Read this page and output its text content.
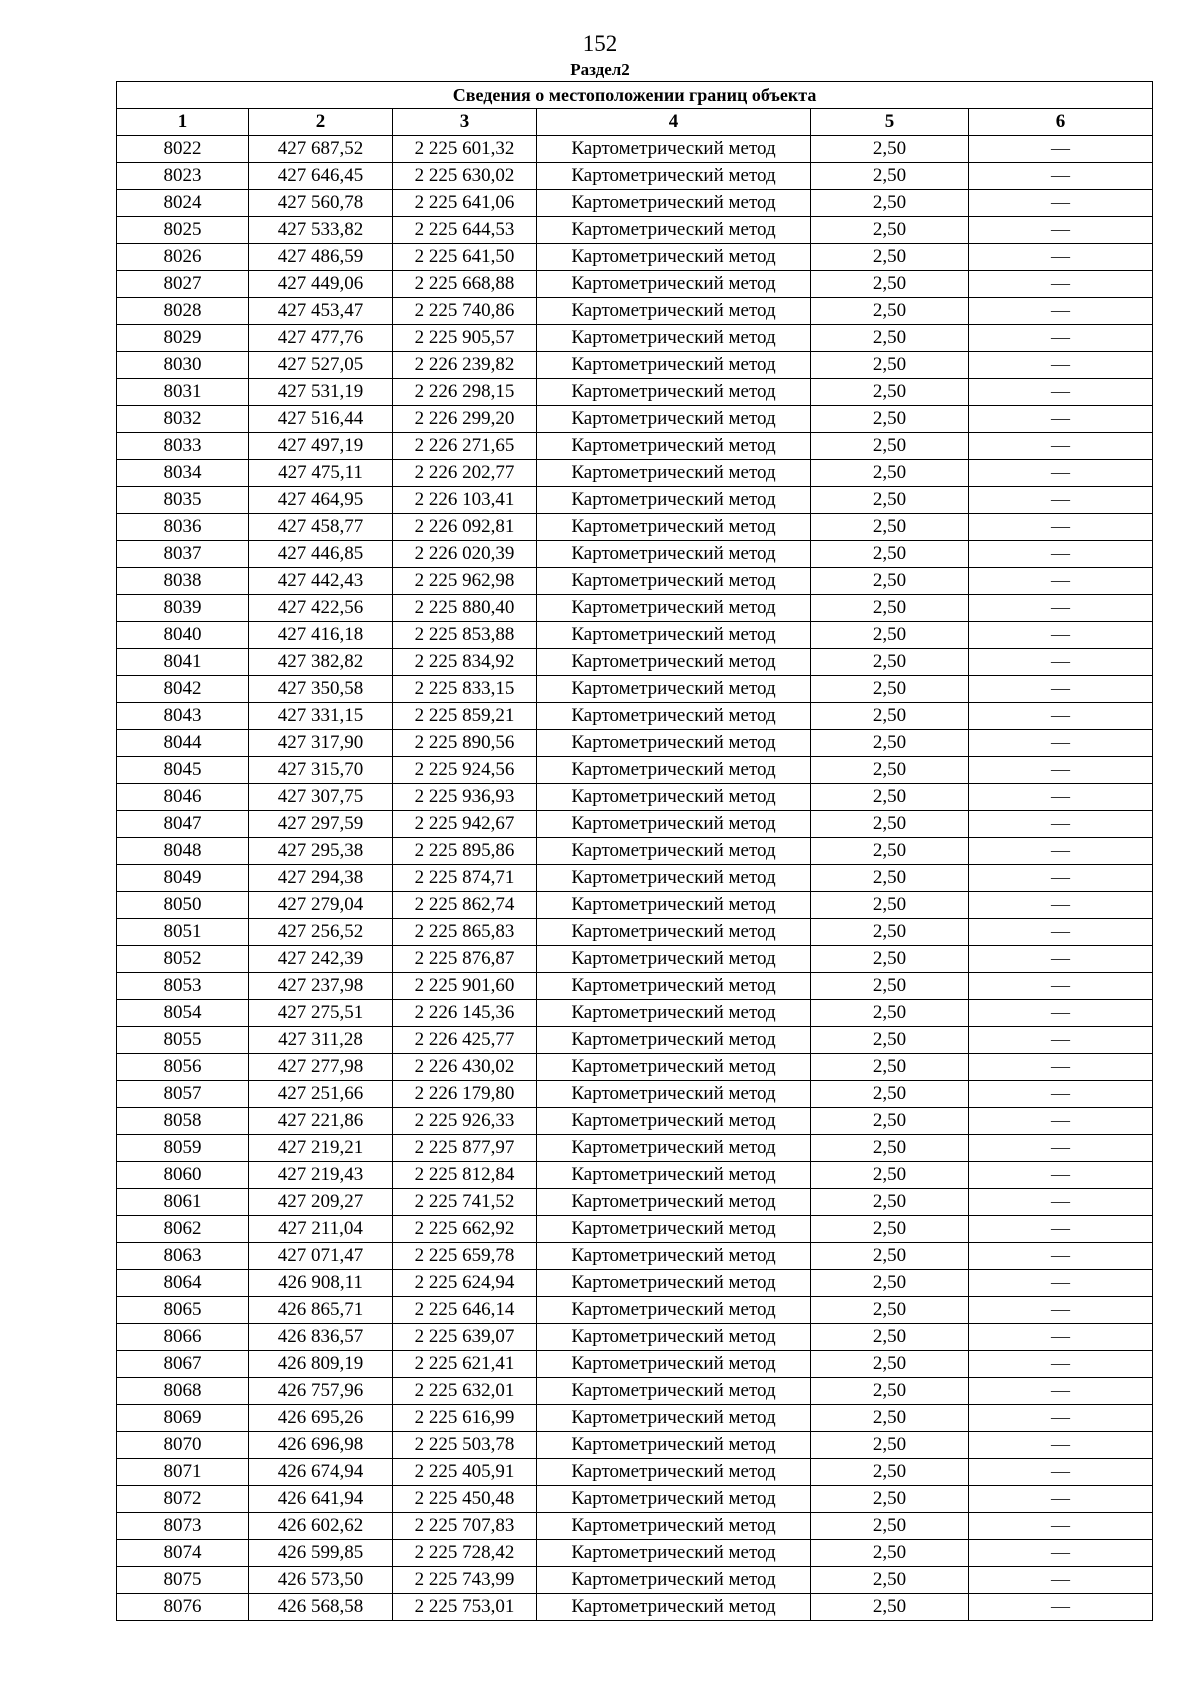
152
Раздел2
Сведения о местоположении границ объекта					
1	2	3	4	5	6
8022	427 687,52	2 225 601,32	Картометрический метод	2,50	—
8023	427 646,45	2 225 630,02	Картометрический метод	2,50	—
8024	427 560,78	2 225 641,06	Картометрический метод	2,50	—
8025	427 533,82	2 225 644,53	Картометрический метод	2,50	—
8026	427 486,59	2 225 641,50	Картометрический метод	2,50	—
8027	427 449,06	2 225 668,88	Картометрический метод	2,50	—
8028	427 453,47	2 225 740,86	Картометрический метод	2,50	—
8029	427 477,76	2 225 905,57	Картометрический метод	2,50	—
8030	427 527,05	2 226 239,82	Картометрический метод	2,50	—
8031	427 531,19	2 226 298,15	Картометрический метод	2,50	—
8032	427 516,44	2 226 299,20	Картометрический метод	2,50	—
8033	427 497,19	2 226 271,65	Картометрический метод	2,50	—
8034	427 475,11	2 226 202,77	Картометрический метод	2,50	—
8035	427 464,95	2 226 103,41	Картометрический метод	2,50	—
8036	427 458,77	2 226 092,81	Картометрический метод	2,50	—
8037	427 446,85	2 226 020,39	Картометрический метод	2,50	—
8038	427 442,43	2 225 962,98	Картометрический метод	2,50	—
8039	427 422,56	2 225 880,40	Картометрический метод	2,50	—
8040	427 416,18	2 225 853,88	Картометрический метод	2,50	—
8041	427 382,82	2 225 834,92	Картометрический метод	2,50	—
8042	427 350,58	2 225 833,15	Картометрический метод	2,50	—
8043	427 331,15	2 225 859,21	Картометрический метод	2,50	—
8044	427 317,90	2 225 890,56	Картометрический метод	2,50	—
8045	427 315,70	2 225 924,56	Картометрический метод	2,50	—
8046	427 307,75	2 225 936,93	Картометрический метод	2,50	—
8047	427 297,59	2 225 942,67	Картометрический метод	2,50	—
8048	427 295,38	2 225 895,86	Картометрический метод	2,50	—
8049	427 294,38	2 225 874,71	Картометрический метод	2,50	—
8050	427 279,04	2 225 862,74	Картометрический метод	2,50	—
8051	427 256,52	2 225 865,83	Картометрический метод	2,50	—
8052	427 242,39	2 225 876,87	Картометрический метод	2,50	—
8053	427 237,98	2 225 901,60	Картометрический метод	2,50	—
8054	427 275,51	2 226 145,36	Картометрический метод	2,50	—
8055	427 311,28	2 226 425,77	Картометрический метод	2,50	—
8056	427 277,98	2 226 430,02	Картометрический метод	2,50	—
8057	427 251,66	2 226 179,80	Картометрический метод	2,50	—
8058	427 221,86	2 225 926,33	Картометрический метод	2,50	—
8059	427 219,21	2 225 877,97	Картометрический метод	2,50	—
8060	427 219,43	2 225 812,84	Картометрический метод	2,50	—
8061	427 209,27	2 225 741,52	Картометрический метод	2,50	—
8062	427 211,04	2 225 662,92	Картометрический метод	2,50	—
8063	427 071,47	2 225 659,78	Картометрический метод	2,50	—
8064	426 908,11	2 225 624,94	Картометрический метод	2,50	—
8065	426 865,71	2 225 646,14	Картометрический метод	2,50	—
8066	426 836,57	2 225 639,07	Картометрический метод	2,50	—
8067	426 809,19	2 225 621,41	Картометрический метод	2,50	—
8068	426 757,96	2 225 632,01	Картометрический метод	2,50	—
8069	426 695,26	2 225 616,99	Картометрический метод	2,50	—
8070	426 696,98	2 225 503,78	Картометрический метод	2,50	—
8071	426 674,94	2 225 405,91	Картометрический метод	2,50	—
8072	426 641,94	2 225 450,48	Картометрический метод	2,50	—
8073	426 602,62	2 225 707,83	Картометрический метод	2,50	—
8074	426 599,85	2 225 728,42	Картометрический метод	2,50	—
8075	426 573,50	2 225 743,99	Картометрический метод	2,50	—
8076	426 568,58	2 225 753,01	Картометрический метод	2,50	—
